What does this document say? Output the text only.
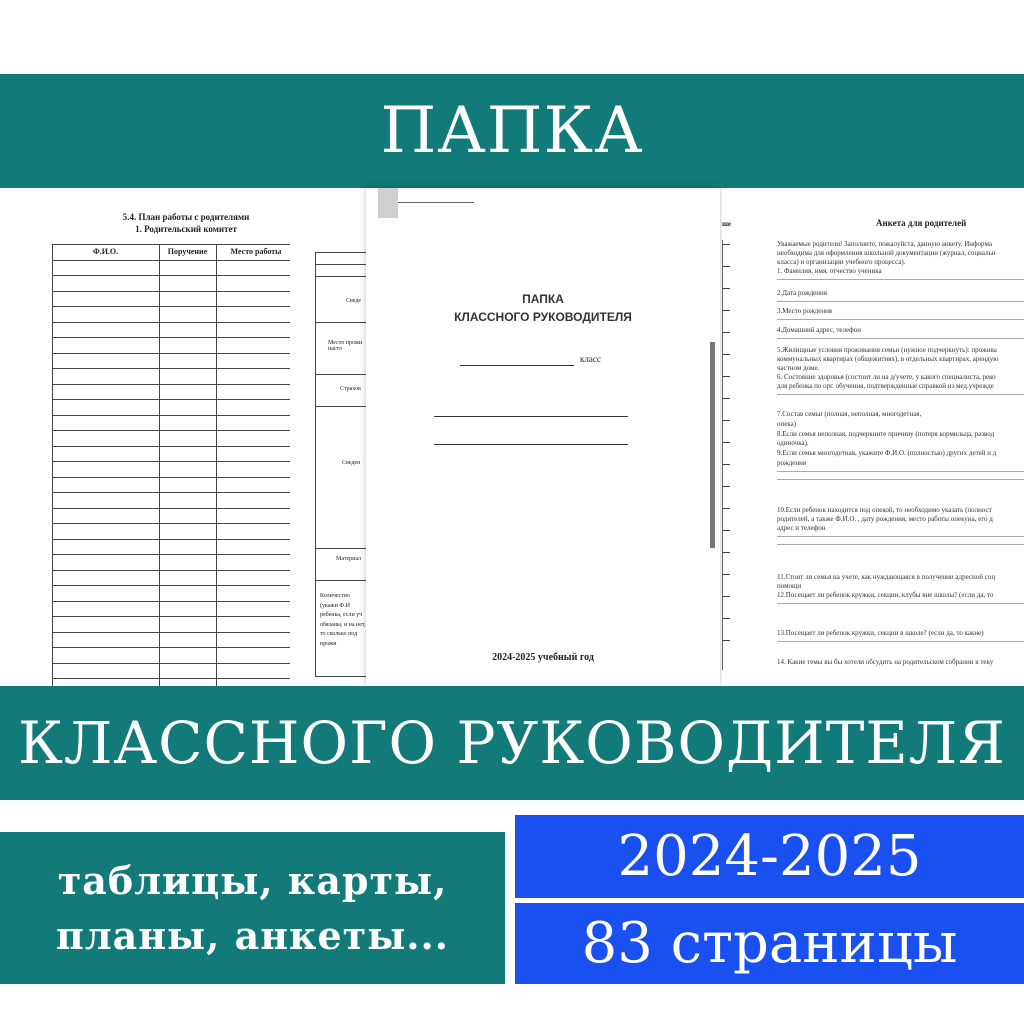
ПАПКА
5.4. План работы с родителями
1. Родительский комитет
Ф.И.О.	Поручение	Место работы
Сведе
Место прожи насто
Страхов
Сведен
Материал
Количество (укажи Ф.И ребенка, если уч обязаны, и на нет, то сколько под прожи
ПАПКА
КЛАССНОГО РУКОВОДИТЕЛЯ
класс
2024-2025 учебный год
ше	Анкета для родителей
Уважаемые родители! Заполните, пожалуйста, данную анкету. Информа
необходима для оформления школьной документации (журнал, социальн
класса) и организации учебного процесса).
1. Фамилия, имя, отчество ученика
2.Дата рождения
3.Место рождения
4.Домашний адрес, телефон
5.Жилищные условия проживания семьи (нужное подчеркнуть): прожива
коммунальных квартирах (общежитиях), в отдельных квартирах, арендую
частном доме.
6. Состояние здоровья (состоит ли на д/учете, у какого специалиста, реко
для ребенка по орг. обучения, подтвержденные справкой из мед.учрежде
7.Состав семьи (полная, неполная, многодетная,
опека)
8.Если семья неполная, подчеркните причину (потеря кормильца, развод
одиночка).
9.Если семья многодетная, укажите Ф.И.О. (полностью) других детей и д
рождения
10.Если ребенок находится под опекой, то необходимо указать (полност
родителей, а также Ф.И.О. , дату рождения, место работы опекуна, его д
адрес и телефон
11.Стоит ли семья на учете, как нуждающаяся в получении адресной соц
помощи
12.Посещает ли ребенок кружки, секции, клубы вне школы? (если да, то
13.Посещает ли ребенок кружки, секции в школе? (если да, то какие)
14. Какие темы вы бы хотели обсудить на родительском собрании в теку
КЛАССНОГО РУКОВОДИТЕЛЯ
таблицы, карты,
планы, анкеты...
2024-2025
83 страницы
